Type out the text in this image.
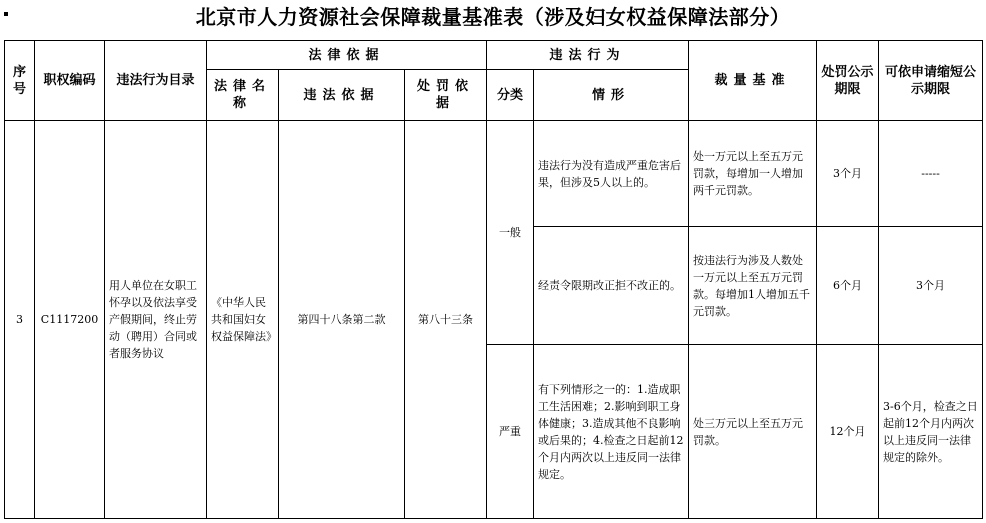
北京市人力资源社会保障裁量基准表（涉及妇女权益保障法部分）
序号	职权编码	违法行为目录	法律依据			违法行为		裁量基准	处罚公示期限	可依申请缩短公示期限
			法律名称	违法依据	处罚依据	分类	情形			
3	C1117200	用人单位在女职工怀孕以及依法享受产假期间，终止劳动（聘用）合同或者服务协议	《中华人民共和国妇女权益保障法》	第四十八条第二款	第八十三条	一般	违法行为没有造成严重危害后果，但涉及5人以上的。	处一万元以上至五万元罚款，每增加一人增加两千元罚款。	3个月	-----
							经责令限期改正拒不改正的。	按违法行为涉及人数处一万元以上至五万元罚款。每增加1人增加五千元罚款。	6个月	3个月
						严重	有下列情形之一的：1.造成职工生活困难；2.影响到职工身体健康；3.造成其他不良影响或后果的；4.检查之日起前12个月内两次以上违反同一法律规定。	处三万元以上至五万元罚款。	12个月	3-6个月，检查之日起前12个月内两次以上违反同一法律规定的除外。
